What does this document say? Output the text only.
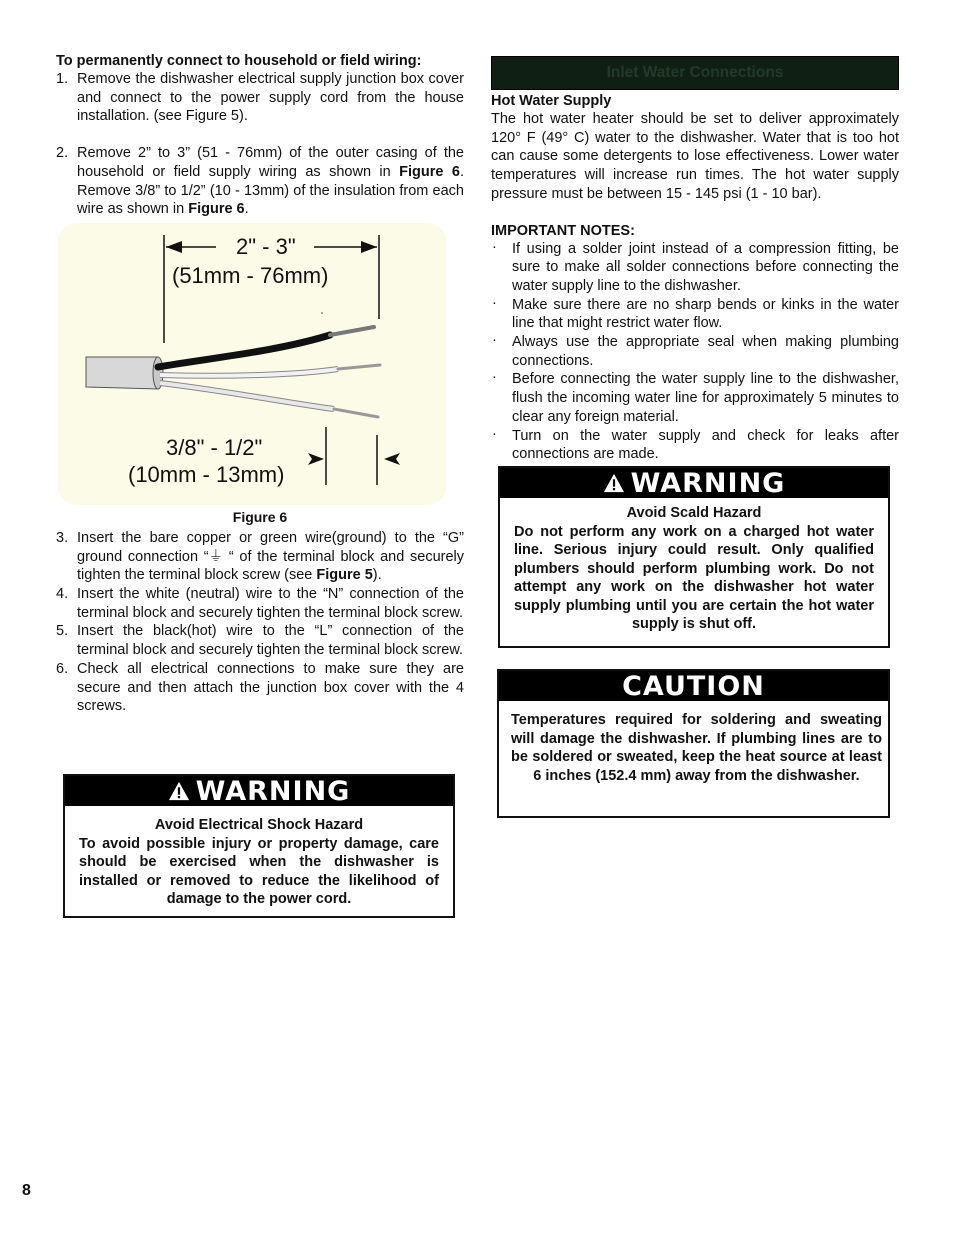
To permanently connect to household or field wiring:
1. Remove the dishwasher electrical supply junction box cover and connect to the power supply cord from the house installation. (see Figure 5).
2. Remove 2” to 3” (51 - 76mm) of the outer casing of the household or field supply wiring as shown in Figure 6. Remove 3/8” to 1/2” (10 - 13mm) of the insulation from each wire as shown in Figure 6.
2" - 3"
(51mm - 76mm)
3/8" - 1/2"
(10mm - 13mm)
Figure 6
3. Insert the bare copper or green wire(ground) to the “G” ground connection “⏚ “ of the terminal block and securely tighten the terminal block screw (see Figure 5).
4. Insert the white (neutral) wire to the “N” connection of the terminal block and securely tighten the terminal block screw.
5. Insert the black(hot) wire to the “L” connection of the terminal block and securely tighten the terminal block screw.
6. Check all electrical connections to make sure they are secure and then attach the junction box cover with the 4 screws.
WARNING
Avoid Electrical Shock Hazard
To avoid possible injury or property damage, care should be exercised when the dishwasher is installed or removed to reduce the likelihood of damage to the power cord.
Inlet Water Connections
Hot Water Supply
The hot water heater should be set to deliver approximately 120° F (49° C) water to the dishwasher. Water that is too hot can cause some detergents to lose effectiveness. Lower water temperatures will increase run times. The hot water supply pressure must be between 15 - 145 psi (1 - 10 bar).
IMPORTANT NOTES:
· If using a solder joint instead of a compression fitting, be sure to make all solder connections before connecting the water supply line to the dishwasher.
· Make sure there are no sharp bends or kinks in the water line that might restrict water flow.
· Always use the appropriate seal when making plumbing connections.
· Before connecting the water supply line to the dishwasher, flush the incoming water line for approximately 5 minutes to clear any foreign material.
· Turn on the water supply and check for leaks after connections are made.
WARNING
Avoid Scald Hazard
Do not perform any work on a charged hot water line. Serious injury could result. Only qualified plumbers should perform plumbing work. Do not attempt any work on the dishwasher hot water supply plumbing until you are certain the hot water supply is shut off.
CAUTION
Temperatures required for soldering and sweating will damage the dishwasher. If plumbing lines are to be soldered or sweated, keep the heat source at least 6 inches (152.4 mm) away from the dishwasher.
8
